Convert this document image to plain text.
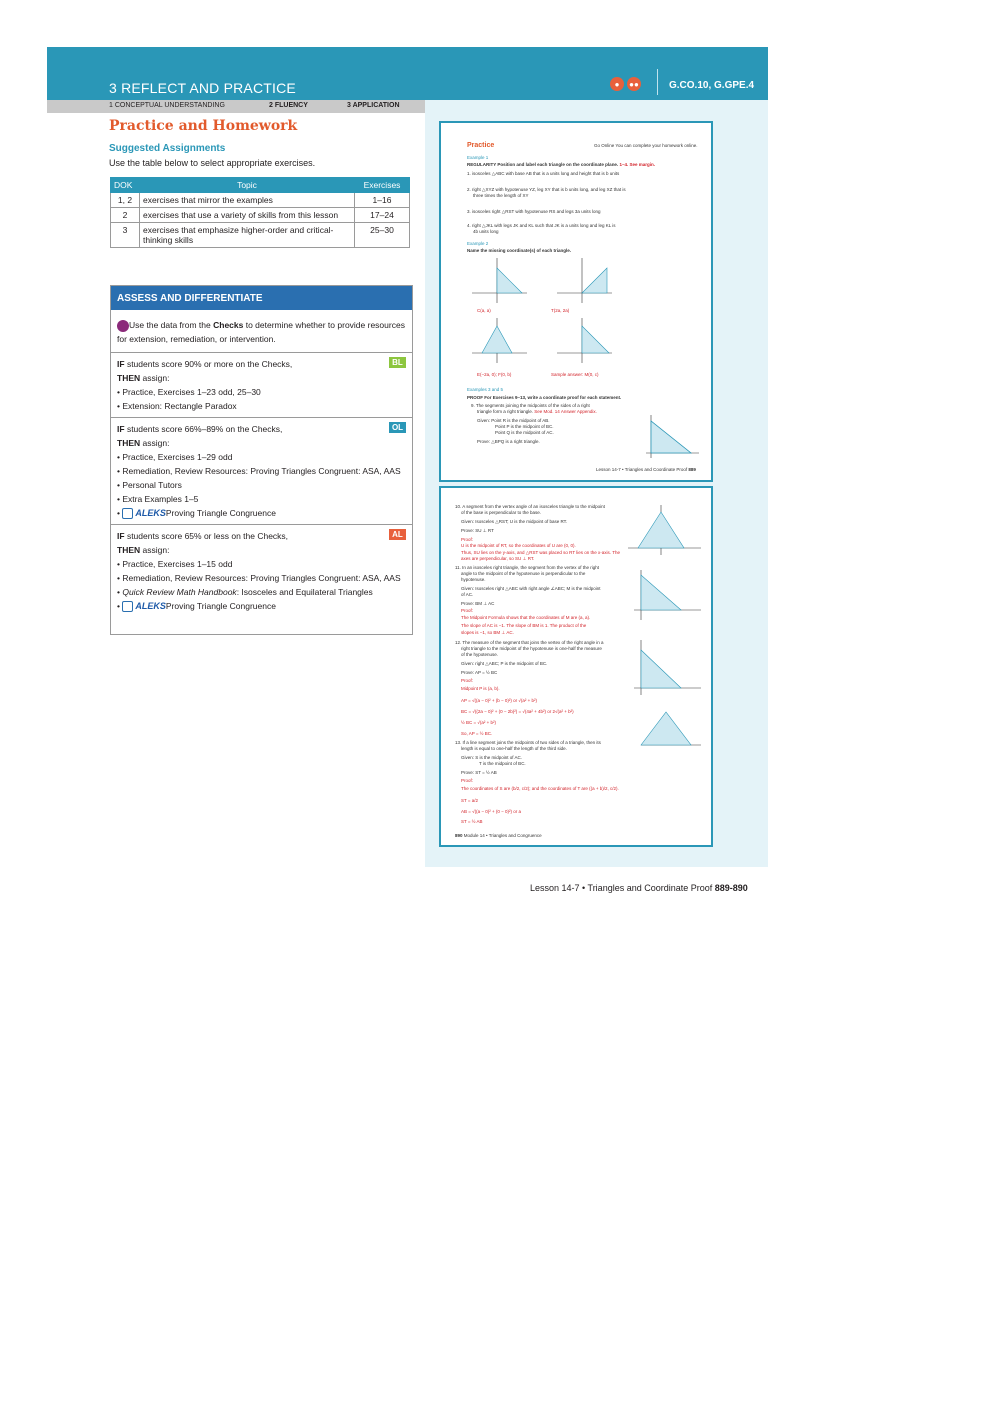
3 REFLECT AND PRACTICE	●	●●	G.CO.10, G.GPE.4
1 CONCEPTUAL UNDERSTANDING	2 FLUENCY	3 APPLICATION
Practice and Homework
Suggested Assignments
Use the table below to select appropriate exercises.
DOK	Topic	Exercises
1, 2	exercises that mirror the examples	1–16
2	exercises that use a variety of skills from this lesson	17–24
3	exercises that emphasize higher-order and critical-thinking skills	25–30
ASSESS AND DIFFERENTIATE
Use the data from the Checks to determine whether to provide resources for extension, remediation, or intervention.
BL
IF students score 90% or more on the Checks,
THEN assign:
• Practice, Exercises 1–23 odd, 25–30
• Extension: Rectangle Paradox
OL
IF students score 66%–89% on the Checks,
THEN assign:
• Practice, Exercises 1–29 odd
• Remediation, Review Resources: Proving Triangles Congruent: ASA, AAS
• Personal Tutors
• Extra Examples 1–5
• ALEKSProving Triangle Congruence
AL
IF students score 65% or less on the Checks,
THEN assign:
• Practice, Exercises 1–15 odd
• Remediation, Review Resources: Proving Triangles Congruent: ASA, AAS
• Quick Review Math Handbook: Isosceles and Equilateral Triangles
• ALEKSProving Triangle Congruence
Practice	Go Online You can complete your homework online.
Example 1
REGULARITY Position and label each triangle on the coordinate plane. 1–4. See margin.
1. isosceles △ABC with base AB that is a units long and height that is b units
2. right △XYZ with hypotenuse YZ, leg XY that is b units long, and leg XZ that is
three times the length of XY
3. isosceles right △RST with hypotenuse RS and legs 3a units long
4. right △JKL with legs JK and KL such that JK is a units long and leg KL is
4b units long
Example 2
Name the missing coordinate(s) of each triangle.
C(a, a)	T(2a, 2a)
E(−2a, 0); F(0, b)	Sample answer: M(0, c)
Examples 3 and 5
PROOF For Exercises 9–13, write a coordinate proof for each statement.
9. The segments joining the midpoints of the sides of a right
triangle form a right triangle. See Mod. 14 Answer Appendix.
Given: Point R is the midpoint of AB.
Point P is the midpoint of BC.
Point Q is the midpoint of AC.
Prove: △BPQ is a right triangle.
Lesson 14-7 • Triangles and Coordinate Proof 889
10. A segment from the vertex angle of an isosceles triangle to the midpoint
of the base is perpendicular to the base.
Given: Isosceles △RST; U is the midpoint of base RT.
Prove: SU ⊥ RT
Proof:
U is the midpoint of RT, so the coordinates of U are (0, 0).
Thus, SU lies on the y-axis, and △RST was placed so RT lies on the x-axis. The
axes are perpendicular, so SU ⊥ RT.
11. In an isosceles right triangle, the segment from the vertex of the right
angle to the midpoint of the hypotenuse is perpendicular to the
hypotenuse.
Given: Isosceles right △ABC with right angle ∠ABC; M is the midpoint
of AC.
Prove: BM ⊥ AC
Proof:
The Midpoint Formula shows that the coordinates of M are (a, a).
The slope of AC is −1. The slope of BM is 1. The product of the
slopes is −1, so BM ⊥ AC.
12. The measure of the segment that joins the vertex of the right angle in a
right triangle to the midpoint of the hypotenuse is one-half the measure
of the hypotenuse.
Given: right △ABC; P is the midpoint of BC.
Prove: AP = ½ BC
Proof:
Midpoint P is (a, b).
AP = √((a − 0)² + (b − 0)²) or √(a² + b²)
BC = √((2a − 0)² + (0 − 2b)²) = √(4a² + 4b²) or 2√(a² + b²)
½ BC = √(a² + b²)
So, AP = ½ BC.
13. If a line segment joins the midpoints of two sides of a triangle, then its
length is equal to one-half the length of the third side.
Given: S is the midpoint of AC.
T is the midpoint of BC.
Prove: ST = ½ AB
Proof:
The coordinates of S are (b/2, c/2); and the coordinates of T are ((a + b)/2, c/2).
ST = a/2
AB = √((a − 0)² + (0 − 0)²) or a
ST = ½ AB
890 Module 14 • Triangles and Congruence
Lesson 14-7 • Triangles and Coordinate Proof 889-890
